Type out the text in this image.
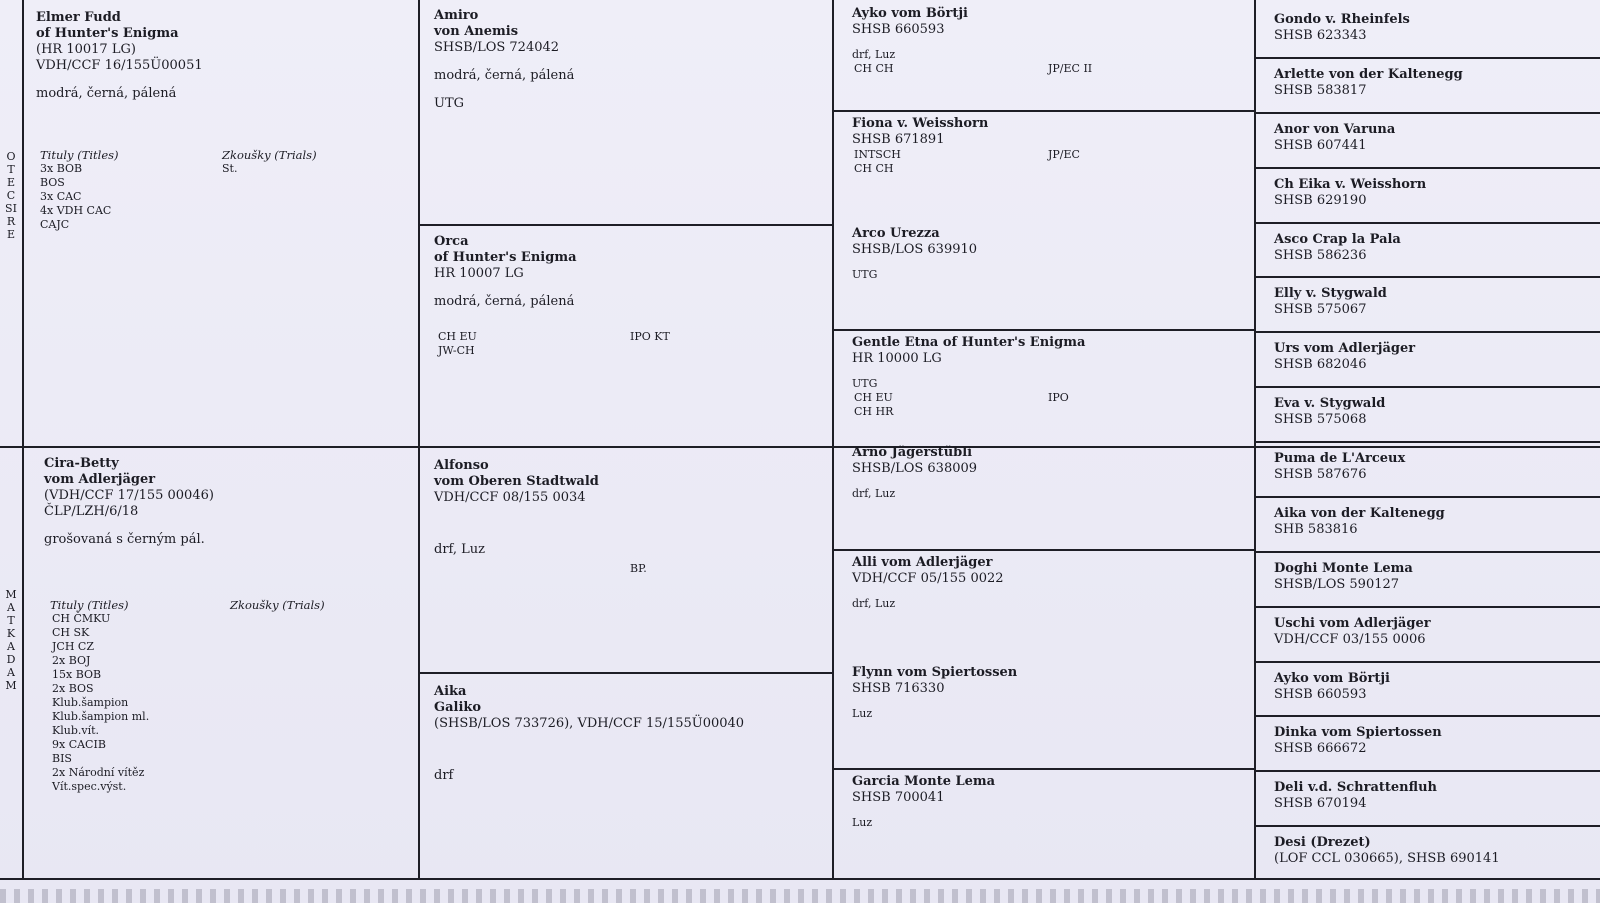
OTEC
SIRE
MATKA
DAM
Elmer Fudd
of Hunter's Enigma
(HR 10017 LG)
VDH/CCF 16/155Ü00051
modrá, černá, pálená
Tituly (Titles)
3x BOB
BOS
3x CAC
4x VDH CAC
CAJC
Zkoušky (Trials)
St.
Cira-Betty
vom Adlerjäger
(VDH/CCF 17/155 00046)
ČLP/LZH/6/18
grošovaná s černým pál.
Tituly (Titles)
CH ČMKU
CH SK
JCH CZ
2x BOJ
15x BOB
2x BOS
Klub.šampion
Klub.šampion ml.
Klub.vít.
9x CACIB
BIS
2x Národní vítěz
Vít.spec.výst.
Zkoušky (Trials)
Amiro
von Anemis
SHSB/LOS 724042
modrá, černá, pálená
UTG
Orca
of Hunter's Enigma
HR 10007 LG
modrá, černá, pálená
CH EU
JW-CH
IPO KT
Alfonso
vom Oberen Stadtwald
VDH/CCF 08/155 0034
drf, Luz
BP.
Aika
Galiko
(SHSB/LOS 733726), VDH/CCF 15/155Ü00040
drf
Ayko vom Börtji
SHSB 660593
drf, Luz
CH CH	JP/EC II
Fiona v. Weisshorn
SHSB 671891
INTSCH
CH CH
JP/EC
Arco Urezza
SHSB/LOS 639910
UTG
Gentle Etna of Hunter's Enigma
HR 10000 LG
UTG
CH EU
CH HR
IPO
Arno Jägerstübli
SHSB/LOS 638009
drf, Luz
Alli vom Adlerjäger
VDH/CCF 05/155 0022
drf, Luz
Flynn vom Spiertossen
SHSB 716330
Luz
Garcia Monte Lema
SHSB 700041
Luz
Gondo v. Rheinfels
SHSB 623343
Arlette von der Kaltenegg
SHSB 583817
Anor von Varuna
SHSB 607441
Ch Eika v. Weisshorn
SHSB 629190
Asco Crap la Pala
SHSB 586236
Elly v. Stygwald
SHSB 575067
Urs vom Adlerjäger
SHSB 682046
Eva v. Stygwald
SHSB 575068
Puma de L'Arceux
SHSB 587676
Aika von der Kaltenegg
SHB 583816
Doghi Monte Lema
SHSB/LOS 590127
Uschi vom Adlerjäger
VDH/CCF 03/155 0006
Ayko vom Börtji
SHSB 660593
Dinka vom Spiertossen
SHSB 666672
Deli v.d. Schrattenfluh
SHSB 670194
Desi (Drezet)
(LOF CCL 030665), SHSB 690141
